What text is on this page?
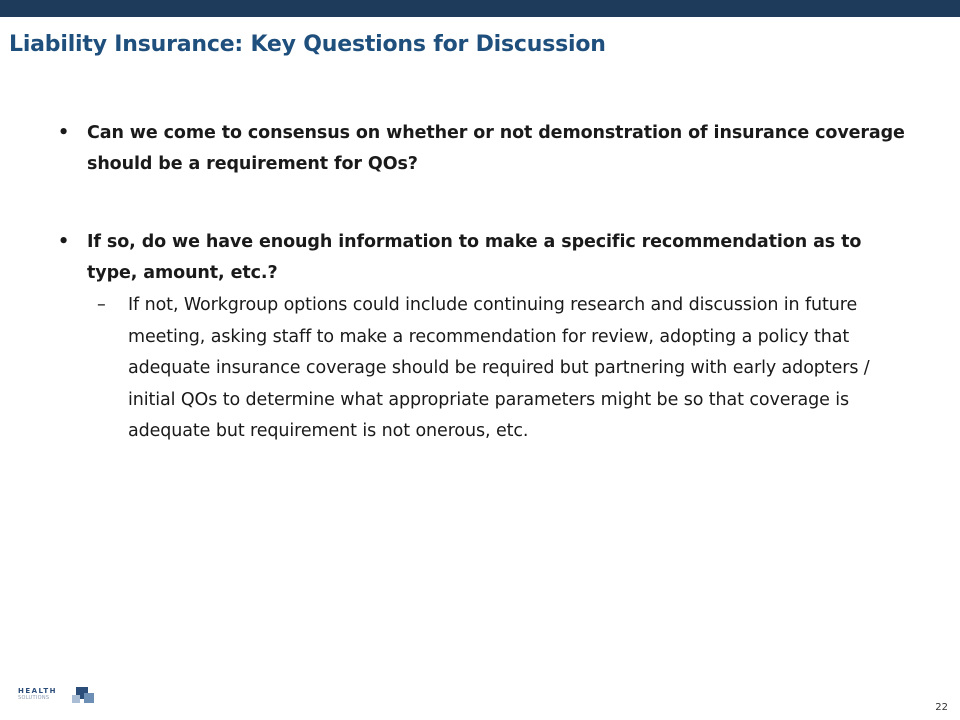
Liability Insurance: Key Questions for Discussion
• Can we come to consensus on whether or not demonstration of insurance coverage should be a requirement for QOs?
• If so, do we have enough information to make a specific recommendation as to type, amount, etc.?
– If not, Workgroup options could include continuing research and discussion in future meeting, asking staff to make a recommendation for review, adopting a policy that adequate insurance coverage should be required but partnering with early adopters / initial QOs to determine what appropriate parameters might be so that coverage is adequate but requirement is not onerous, etc.
HEALTH
SOLUTIONS
22
